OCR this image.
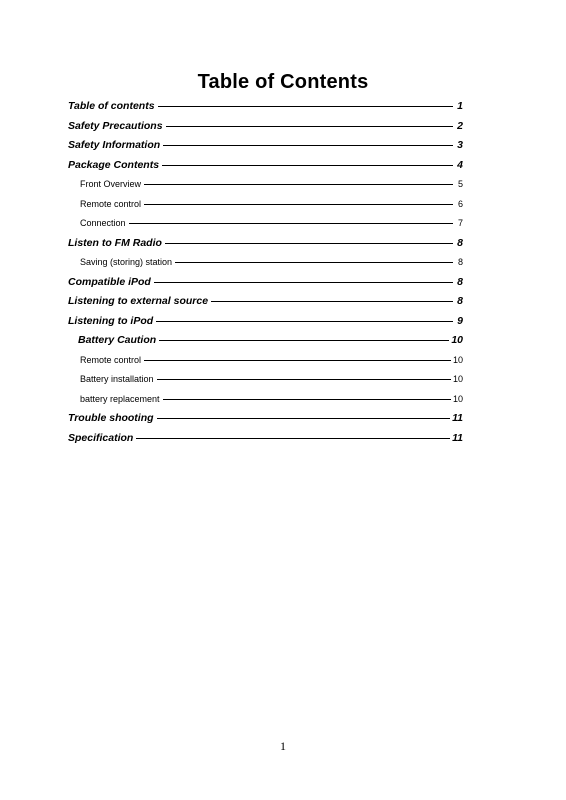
Table of Contents
Table of contents	1
Safety Precautions	2
Safety Information	3
Package Contents	4
Front Overview	5
Remote control	6
Connection	7
Listen to FM Radio	8
Saving (storing) station	8
Compatible iPod	8
Listening to external source	8
Listening to iPod	9
Battery Caution	10
Remote control	10
Battery installation	10
battery replacement	10
Trouble shooting	11
Specification	11
1
